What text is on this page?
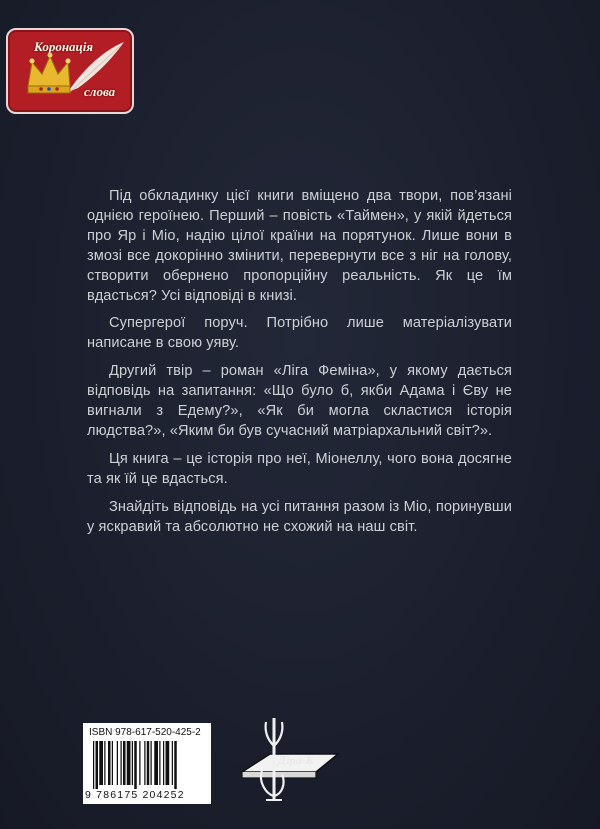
Коронація
слова

Під обкладинку цієї книги вміщено два твори, пов’язані однією героїнею. Перший – повість «Таймен», у якій йдеться про Яр і Міо, надію цілої країни на порятунок. Лише вони в змозі все докорінно змінити, перевернути все з ніг на голову, створити обернено пропорційну реальність. Як це їм вдасться? Усі відповіді в книзі.

Супергерої поруч. Потрібно лише матеріалізувати написане в свою уяву.

Другий твір – роман «Ліга Феміна», у якому дається відповідь на запитання: «Що було б, якби Адама і Єву не вигнали з Едему?», «Як би могла скластися історія людства?», «Яким би був сучасний матріархальний світ?».

Ця книга – це історія про неї, Міонеллу, чого вона досягне та як їй це вдасться.

Знайдіть відповідь на усі питання разом із Міо, поринувши у яскравий та абсолютно не схожий на наш світ.

ISBN 978-617-520-425-2
9 786175 204252
Діра-К
